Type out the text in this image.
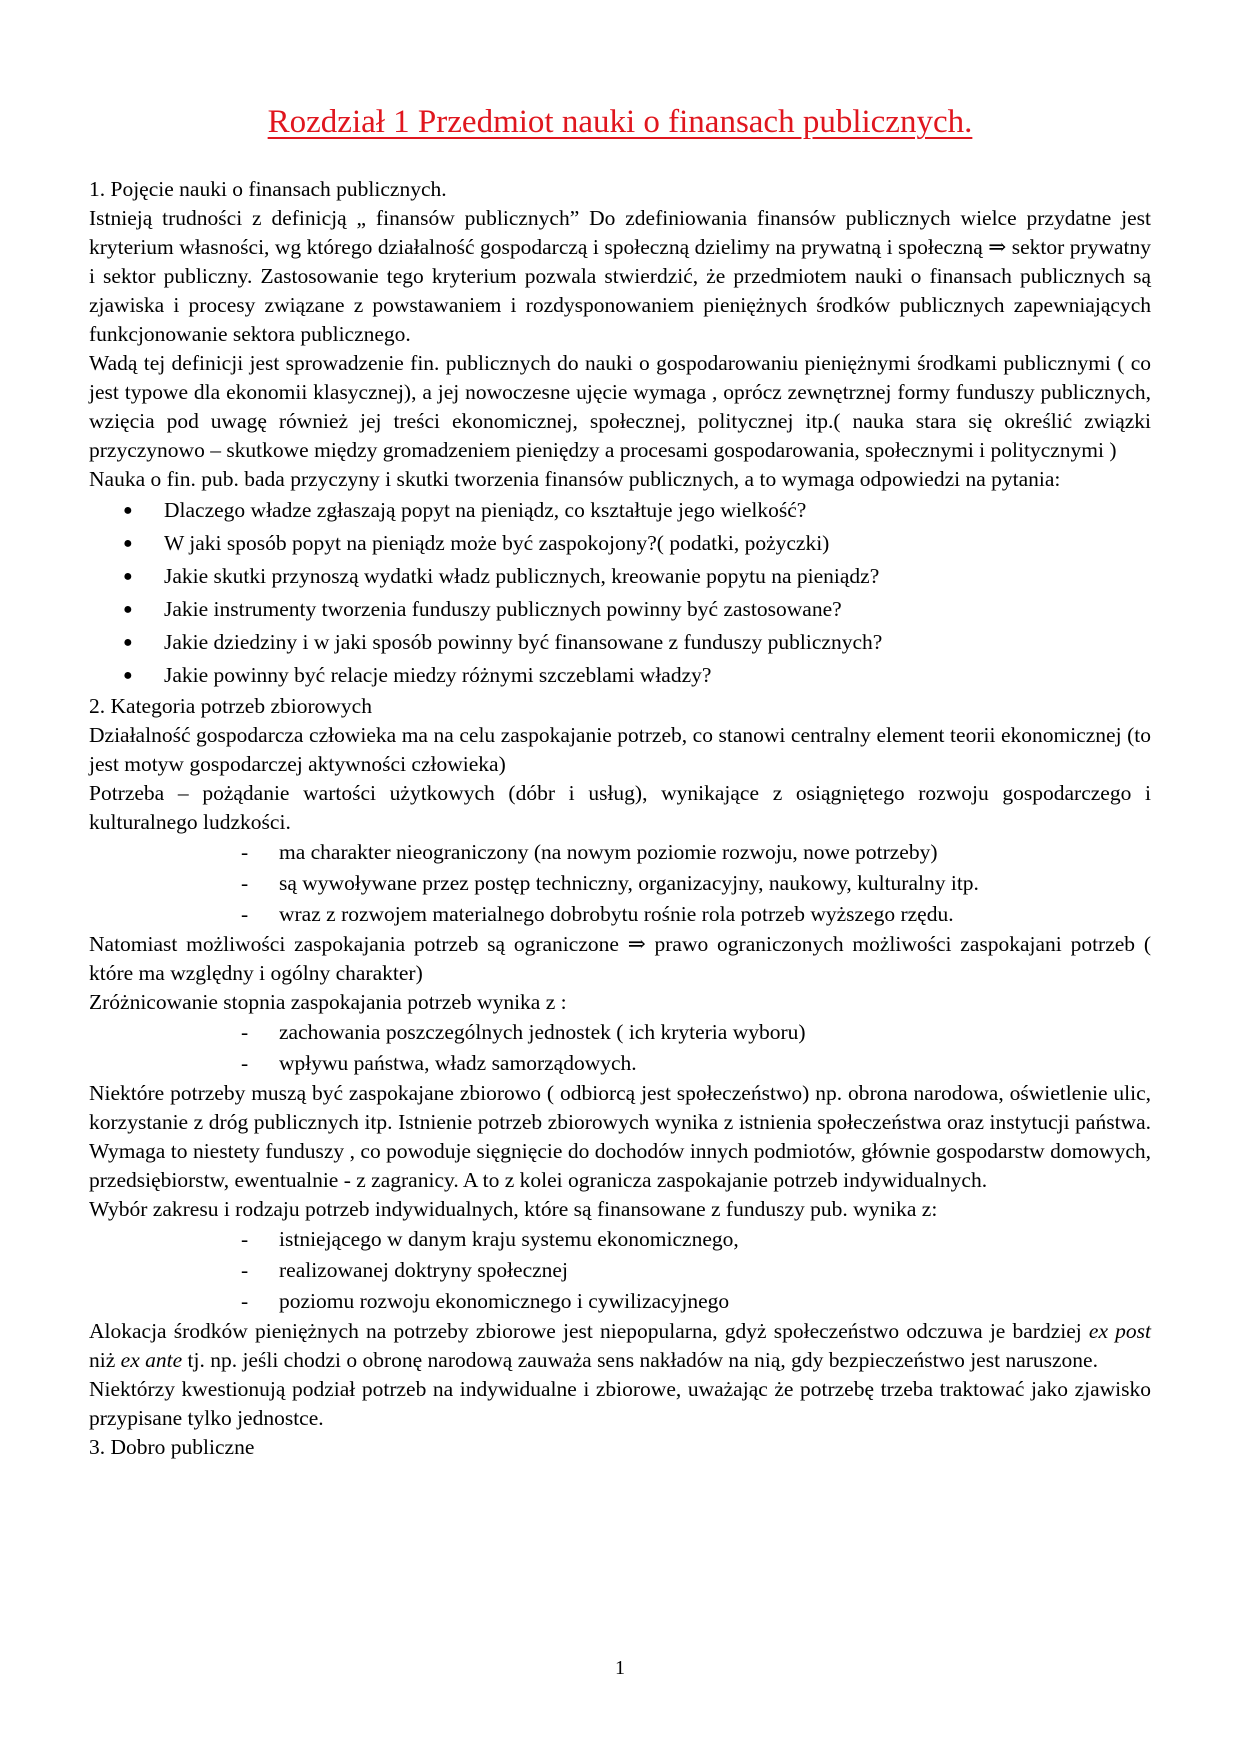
Rozdział 1 Przedmiot nauki o finansach publicznych.

1. Pojęcie nauki o finansach publicznych.

Istnieją trudności z definicją „ finansów publicznych” Do zdefiniowania finansów publicznych wielce przydatne jest kryterium własności, wg którego działalność gospodarczą i społeczną dzielimy na prywatną i społeczną ⇒ sektor prywatny i sektor publiczny. Zastosowanie tego kryterium pozwala stwierdzić, że przedmiotem nauki o finansach publicznych są zjawiska i procesy związane z powstawaniem i rozdysponowaniem pieniężnych środków publicznych zapewniających funkcjonowanie sektora publicznego.

Wadą tej definicji jest sprowadzenie fin. publicznych do nauki o gospodarowaniu pieniężnymi środkami publicznymi ( co jest typowe dla ekonomii klasycznej), a jej nowoczesne ujęcie wymaga , oprócz zewnętrznej formy funduszy publicznych, wzięcia pod uwagę również jej treści ekonomicznej, społecznej, politycznej itp.( nauka stara się określić związki przyczynowo – skutkowe między gromadzeniem pieniędzy a procesami gospodarowania, społecznymi i politycznymi )

Nauka o fin. pub. bada przyczyny i skutki tworzenia finansów publicznych, a to wymaga odpowiedzi na pytania:

● Dlaczego władze zgłaszają popyt na pieniądz, co kształtuje jego wielkość?
● W jaki sposób popyt na pieniądz może być zaspokojony?( podatki, pożyczki)
● Jakie skutki przynoszą wydatki władz publicznych, kreowanie popytu na pieniądz?
● Jakie instrumenty tworzenia funduszy publicznych powinny być zastosowane?
● Jakie dziedziny i w jaki sposób powinny być finansowane z funduszy publicznych?
● Jakie powinny być relacje miedzy różnymi szczeblami władzy?

2. Kategoria potrzeb zbiorowych

Działalność gospodarcza człowieka ma na celu zaspokajanie potrzeb, co stanowi centralny element teorii ekonomicznej (to jest motyw gospodarczej aktywności człowieka)

Potrzeba – pożądanie wartości użytkowych (dóbr i usług), wynikające z osiągniętego rozwoju gospodarczego i kulturalnego ludzkości.

- ma charakter nieograniczony (na nowym poziomie rozwoju, nowe potrzeby)
- są wywoływane przez postęp techniczny, organizacyjny, naukowy, kulturalny itp.
- wraz z rozwojem materialnego dobrobytu rośnie rola potrzeb wyższego rzędu.

Natomiast możliwości zaspokajania potrzeb są ograniczone ⇒ prawo ograniczonych możliwości zaspokajani potrzeb ( które ma względny i ogólny charakter)

Zróżnicowanie stopnia zaspokajania potrzeb wynika z :

- zachowania poszczególnych jednostek ( ich kryteria wyboru)
- wpływu państwa, władz samorządowych.

Niektóre potrzeby muszą być zaspokajane zbiorowo ( odbiorcą jest społeczeństwo) np. obrona narodowa, oświetlenie ulic, korzystanie z dróg publicznych itp. Istnienie potrzeb zbiorowych wynika z istnienia społeczeństwa oraz instytucji państwa. Wymaga to niestety funduszy , co powoduje sięgnięcie do dochodów innych podmiotów, głównie gospodarstw domowych, przedsiębiorstw, ewentualnie - z zagranicy. A to z kolei ogranicza zaspokajanie potrzeb indywidualnych.

Wybór zakresu i rodzaju potrzeb indywidualnych, które są finansowane z funduszy pub. wynika z:

- istniejącego w danym kraju systemu ekonomicznego,
- realizowanej doktryny społecznej
- poziomu rozwoju ekonomicznego i cywilizacyjnego

Alokacja środków pieniężnych na potrzeby zbiorowe jest niepopularna, gdyż społeczeństwo odczuwa je bardziej ex post niż ex ante tj. np. jeśli chodzi o obronę narodową zauważa sens nakładów na nią, gdy bezpieczeństwo jest naruszone.

Niektórzy kwestionują podział potrzeb na indywidualne i zbiorowe, uważając że potrzebę trzeba traktować jako zjawisko przypisane tylko jednostce.

3. Dobro publiczne

1
